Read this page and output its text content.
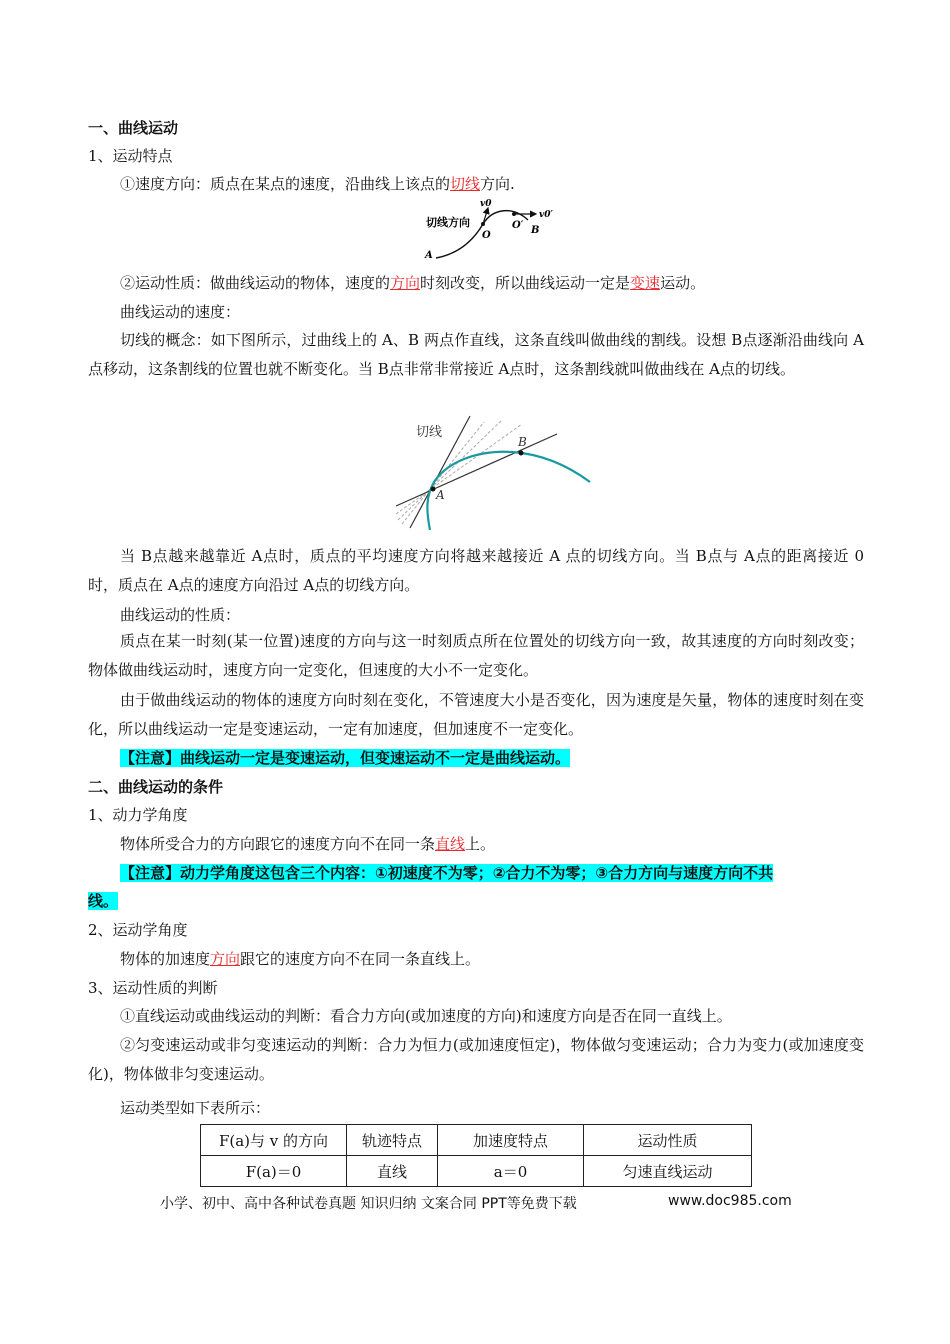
一、曲线运动
1、运动特点
①速度方向：质点在某点的速度，沿曲线上该点的切线方向.
切线方向
v0
v0′
O
O′ B
A
②运动性质：做曲线运动的物体，速度的方向时刻改变，所以曲线运动一定是变速运动。
曲线运动的速度：
切线的概念：如下图所示，过曲线上的 A、B 两点作直线，这条直线叫做曲线的割线。设想 B点逐渐沿曲线向 A点移动，这条割线的位置也就不断变化。当 B点非常非常接近 A点时，这条割线就叫做曲线在 A点的切线。
切线
B
A
当 B点越来越靠近 A点时，质点的平均速度方向将越来越接近 A 点的切线方向。当 B点与 A点的距离接近 0 时，质点在 A点的速度方向沿过 A点的切线方向。
曲线运动的性质：
质点在某一时刻(某一位置)速度的方向与这一时刻质点所在位置处的切线方向一致，故其速度的方向时刻改变；物体做曲线运动时，速度方向一定变化，但速度的大小不一定变化。
由于做曲线运动的物体的速度方向时刻在变化，不管速度大小是否变化，因为速度是矢量，物体的速度时刻在变化，所以曲线运动一定是变速运动，一定有加速度，但加速度不一定变化。
【注意】曲线运动一定是变速运动，但变速运动不一定是曲线运动。
二、曲线运动的条件
1、动力学角度
物体所受合力的方向跟它的速度方向不在同一条直线上。
【注意】动力学角度这包含三个内容：①初速度不为零；②合力不为零；③合力方向与速度方向不共
线。
2、运动学角度
物体的加速度方向跟它的速度方向不在同一条直线上。
3、运动性质的判断
①直线运动或曲线运动的判断：看合力方向(或加速度的方向)和速度方向是否在同一直线上。
②匀变速运动或非匀变速运动的判断：合力为恒力(或加速度恒定)，物体做匀变速运动；合力为变力(或加速度变化)，物体做非匀变速运动。
运动类型如下表所示：
F(a)与 v 的方向	轨迹特点	加速度特点	运动性质
F(a)＝0	直线	a＝0	匀速直线运动
小学、初中、高中各种试卷真题 知识归纳 文案合同 PPT等免费下载	www.doc985.com
